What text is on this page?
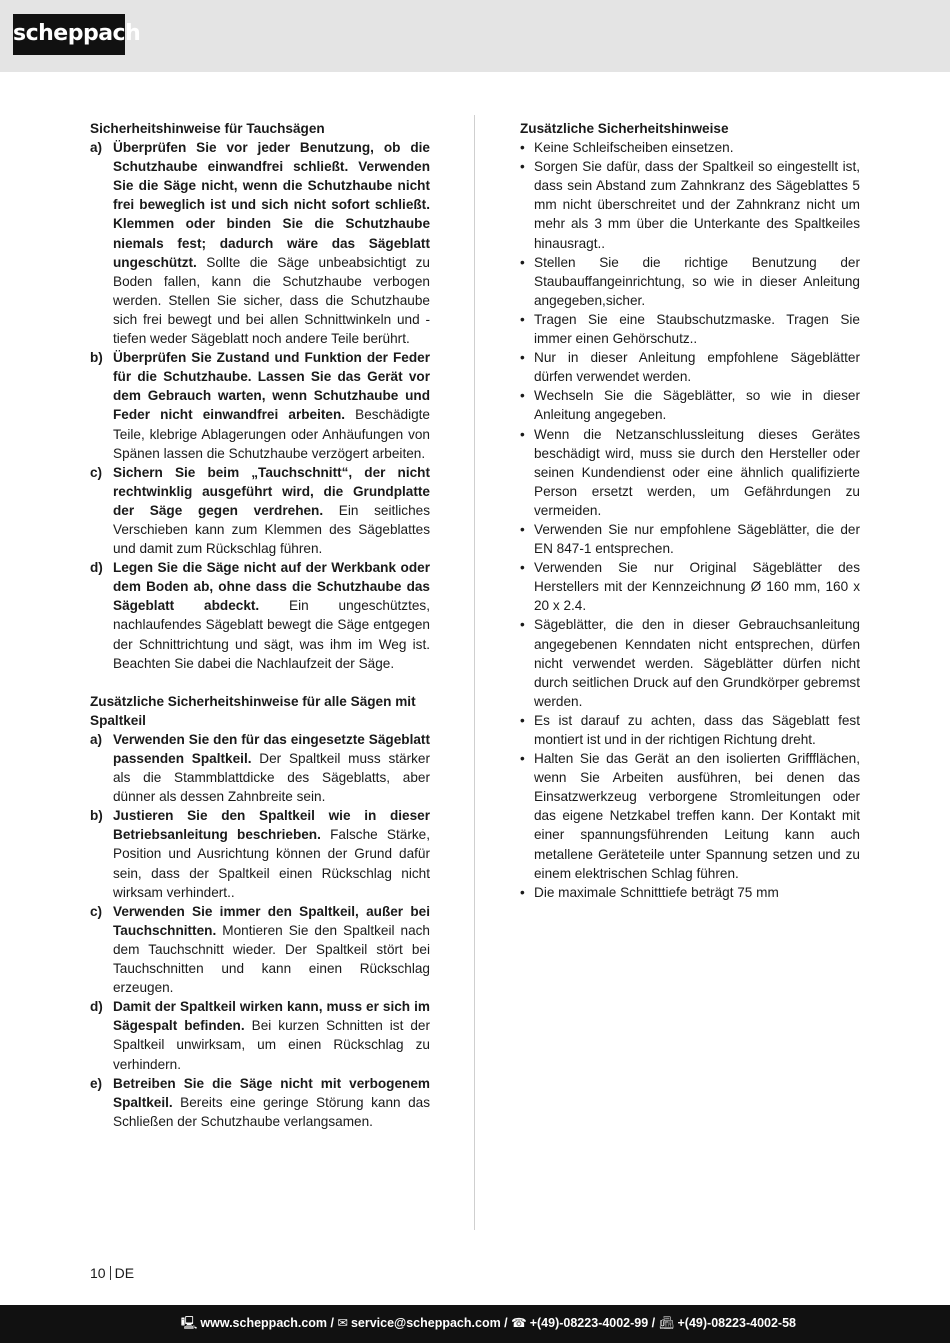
scheppach
Sicherheitshinweise für Tauchsägen
a) Überprüfen Sie vor jeder Benutzung, ob die Schutzhaube einwandfrei schließt. Verwenden Sie die Säge nicht, wenn die Schutzhaube nicht frei beweglich ist und sich nicht sofort schließt. Klemmen oder binden Sie die Schutzhaube niemals fest; dadurch wäre das Sägeblatt ungeschützt. Sollte die Säge unbeabsichtigt zu Boden fallen, kann die Schutzhaube verbogen werden. Stellen Sie sicher, dass die Schutzhaube sich frei bewegt und bei allen Schnittwinkeln und -tiefen weder Sägeblatt noch andere Teile berührt.
b) Überprüfen Sie Zustand und Funktion der Feder für die Schutzhaube. Lassen Sie das Gerät vor dem Gebrauch warten, wenn Schutzhaube und Feder nicht einwandfrei arbeiten. Beschädigte Teile, klebrige Ablagerungen oder Anhäufungen von Spänen lassen die Schutzhaube verzögert arbeiten.
c) Sichern Sie beim „Tauchschnitt“, der nicht rechtwinklig ausgeführt wird, die Grundplatte der Säge gegen verdrehen. Ein seitliches Verschieben kann zum Klemmen des Sägeblattes und damit zum Rückschlag führen.
d) Legen Sie die Säge nicht auf der Werkbank oder dem Boden ab, ohne dass die Schutzhaube das Sägeblatt abdeckt. Ein ungeschütztes, nachlaufendes Sägeblatt bewegt die Säge entgegen der Schnittrichtung und sägt, was ihm im Weg ist. Beachten Sie dabei die Nachlaufzeit der Säge.
Zusätzliche Sicherheitshinweise für alle Sägen mit Spaltkeil
a) Verwenden Sie den für das eingesetzte Sägeblatt passenden Spaltkeil. Der Spaltkeil muss stärker als die Stammblattdicke des Sägeblatts, aber dünner als dessen Zahnbreite sein.
b) Justieren Sie den Spaltkeil wie in dieser Betriebsanleitung beschrieben. Falsche Stärke, Position und Ausrichtung können der Grund dafür sein, dass der Spaltkeil einen Rückschlag nicht wirksam verhindert..
c) Verwenden Sie immer den Spaltkeil, außer bei Tauchschnitten. Montieren Sie den Spaltkeil nach dem Tauchschnitt wieder. Der Spaltkeil stört bei Tauchschnitten und kann einen Rückschlag erzeugen.
d) Damit der Spaltkeil wirken kann, muss er sich im Sägespalt befinden. Bei kurzen Schnitten ist der Spaltkeil unwirksam, um einen Rückschlag zu verhindern.
e) Betreiben Sie die Säge nicht mit verbogenem Spaltkeil. Bereits eine geringe Störung kann das Schließen der Schutzhaube verlangsamen.
Zusätzliche Sicherheitshinweise
• Keine Schleifscheiben einsetzen.
• Sorgen Sie dafür, dass der Spaltkeil so eingestellt ist, dass sein Abstand zum Zahnkranz des Sägeblattes 5 mm nicht überschreitet und der Zahnkranz nicht um mehr als 3 mm über die Unterkante des Spaltkeiles hinausragt..
• Stellen Sie die richtige Benutzung der Staubauffangeinrichtung, so wie in dieser Anleitung angegeben,sicher.
• Tragen Sie eine Staubschutzmaske. Tragen Sie immer einen Gehörschutz..
• Nur in dieser Anleitung empfohlene Sägeblätter dürfen verwendet werden.
• Wechseln Sie die Sägeblätter, so wie in dieser Anleitung angegeben.
• Wenn die Netzanschlussleitung dieses Gerätes beschädigt wird, muss sie durch den Hersteller oder seinen Kundendienst oder eine ähnlich qualifizierte Person ersetzt werden, um Gefährdungen zu vermeiden.
• Verwenden Sie nur empfohlene Sägeblätter, die der EN 847-1 entsprechen.
• Verwenden Sie nur Original Sägeblätter des Herstellers mit der Kennzeichnung Ø 160 mm, 160 x 20 x 2.4.
• Sägeblätter, die den in dieser Gebrauchsanleitung angegebenen Kenndaten nicht entsprechen, dürfen nicht verwendet werden. Sägeblätter dürfen nicht durch seitlichen Druck auf den Grundkörper gebremst werden.
• Es ist darauf zu achten, dass das Sägeblatt fest montiert ist und in der richtigen Richtung dreht.
• Halten Sie das Gerät an den isolierten Griffflächen, wenn Sie Arbeiten ausführen, bei denen das Einsatzwerkzeug verborgene Stromleitungen oder das eigene Netzkabel treffen kann. Der Kontakt mit einer spannungsführenden Leitung kann auch metallene Geräteteile unter Spannung setzen und zu einem elektrischen Schlag führen.
• Die maximale Schnitttiefe beträgt 75 mm
10 DE
🖳︎ www.scheppach.com / ✉︎ service@scheppach.com / ☎︎ +(49)-08223-4002-99 / 📠︎ +(49)-08223-4002-58
